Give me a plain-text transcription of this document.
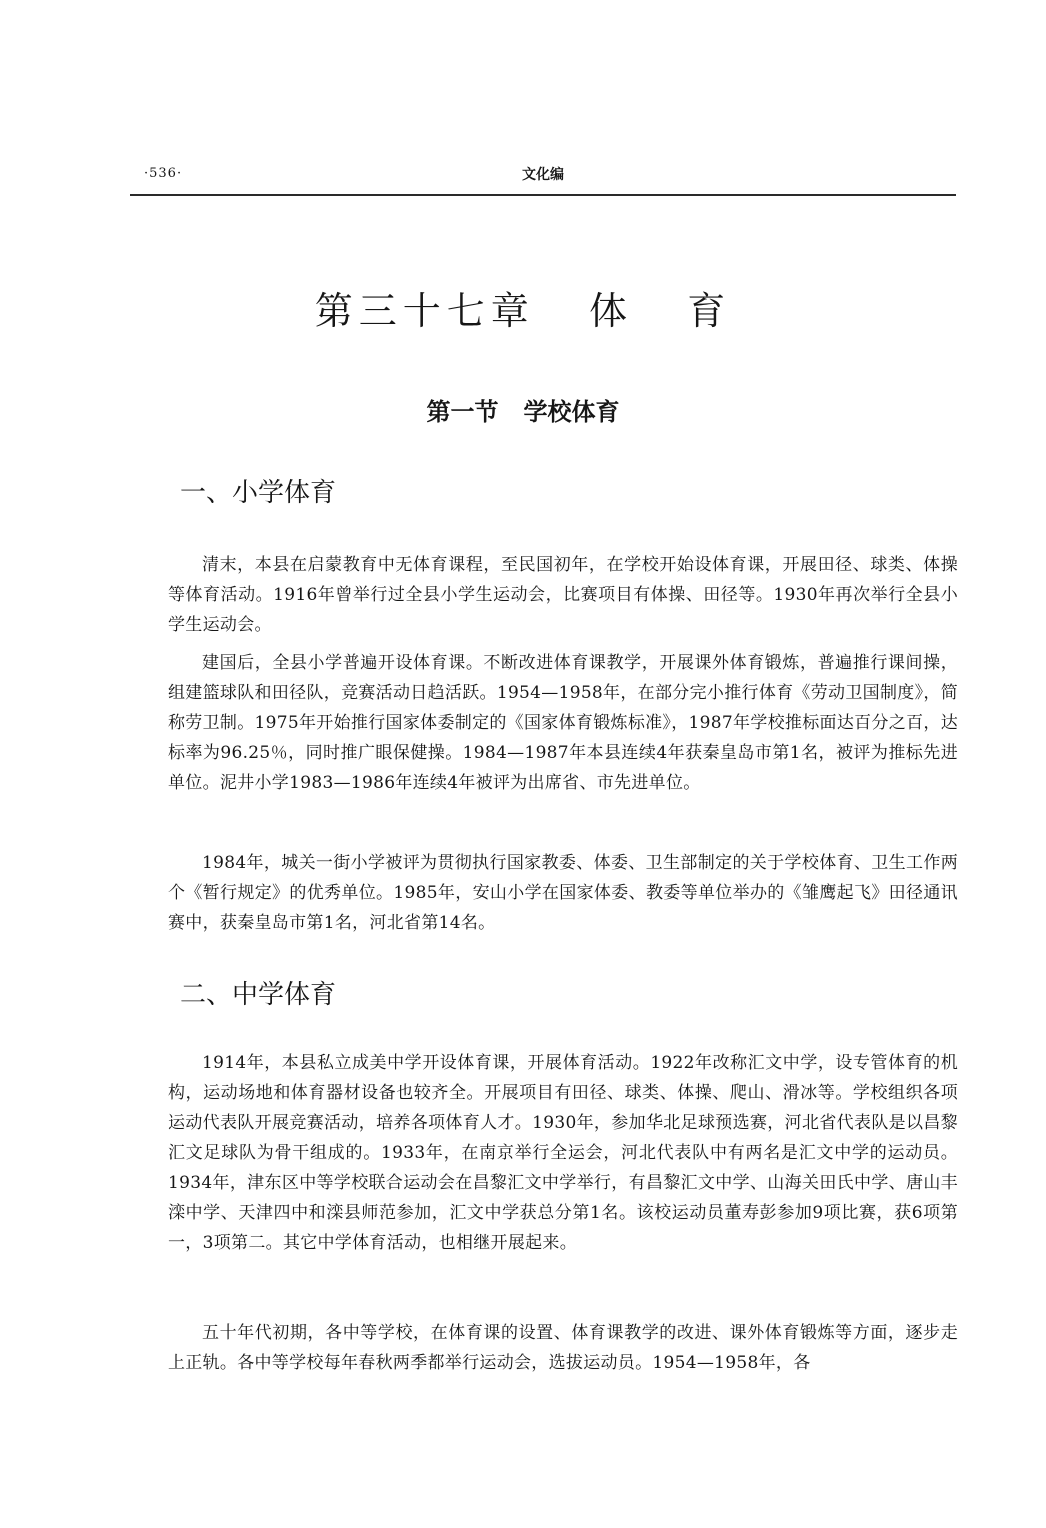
·536·	文化编
第三十七章   体   育
第一节   学校体育
一、小学体育

清末，本县在启蒙教育中无体育课程，至民国初年，在学校开始设体育课，开展田径、球类、体操等体育活动。1916年曾举行过全县小学生运动会，比赛项目有体操、田径等。1930年再次举行全县小学生运动会。

建国后，全县小学普遍开设体育课。不断改进体育课教学，开展课外体育锻炼，普遍推行课间操，组建篮球队和田径队，竞赛活动日趋活跃。1954—1958年，在部分完小推行体育《劳动卫国制度》，简称劳卫制。1975年开始推行国家体委制定的《国家体育锻炼标准》，1987年学校推标面达百分之百，达标率为96.25％，同时推广眼保健操。1984—1987年本县连续4年获秦皇岛市第1名，被评为推标先进单位。泥井小学1983—1986年连续4年被评为出席省、市先进单位。

1984年，城关一街小学被评为贯彻执行国家教委、体委、卫生部制定的关于学校体育、卫生工作两个《暂行规定》的优秀单位。1985年，安山小学在国家体委、教委等单位举办的《雏鹰起飞》田径通讯赛中，获秦皇岛市第1名，河北省第14名。

二、中学体育

1914年，本县私立成美中学开设体育课，开展体育活动。1922年改称汇文中学，设专管体育的机构，运动场地和体育器材设备也较齐全。开展项目有田径、球类、体操、爬山、滑冰等。学校组织各项运动代表队开展竞赛活动，培养各项体育人才。1930年，参加华北足球预选赛，河北省代表队是以昌黎汇文足球队为骨干组成的。1933年，在南京举行全运会，河北代表队中有两名是汇文中学的运动员。1934年，津东区中等学校联合运动会在昌黎汇文中学举行，有昌黎汇文中学、山海关田氏中学、唐山丰滦中学、天津四中和滦县师范参加，汇文中学获总分第1名。该校运动员董寿彭参加9项比赛，获6项第一，3项第二。其它中学体育活动，也相继开展起来。

五十年代初期，各中等学校，在体育课的设置、体育课教学的改进、课外体育锻炼等方面，逐步走上正轨。各中等学校每年春秋两季都举行运动会，选拔运动员。1954—1958年，各
